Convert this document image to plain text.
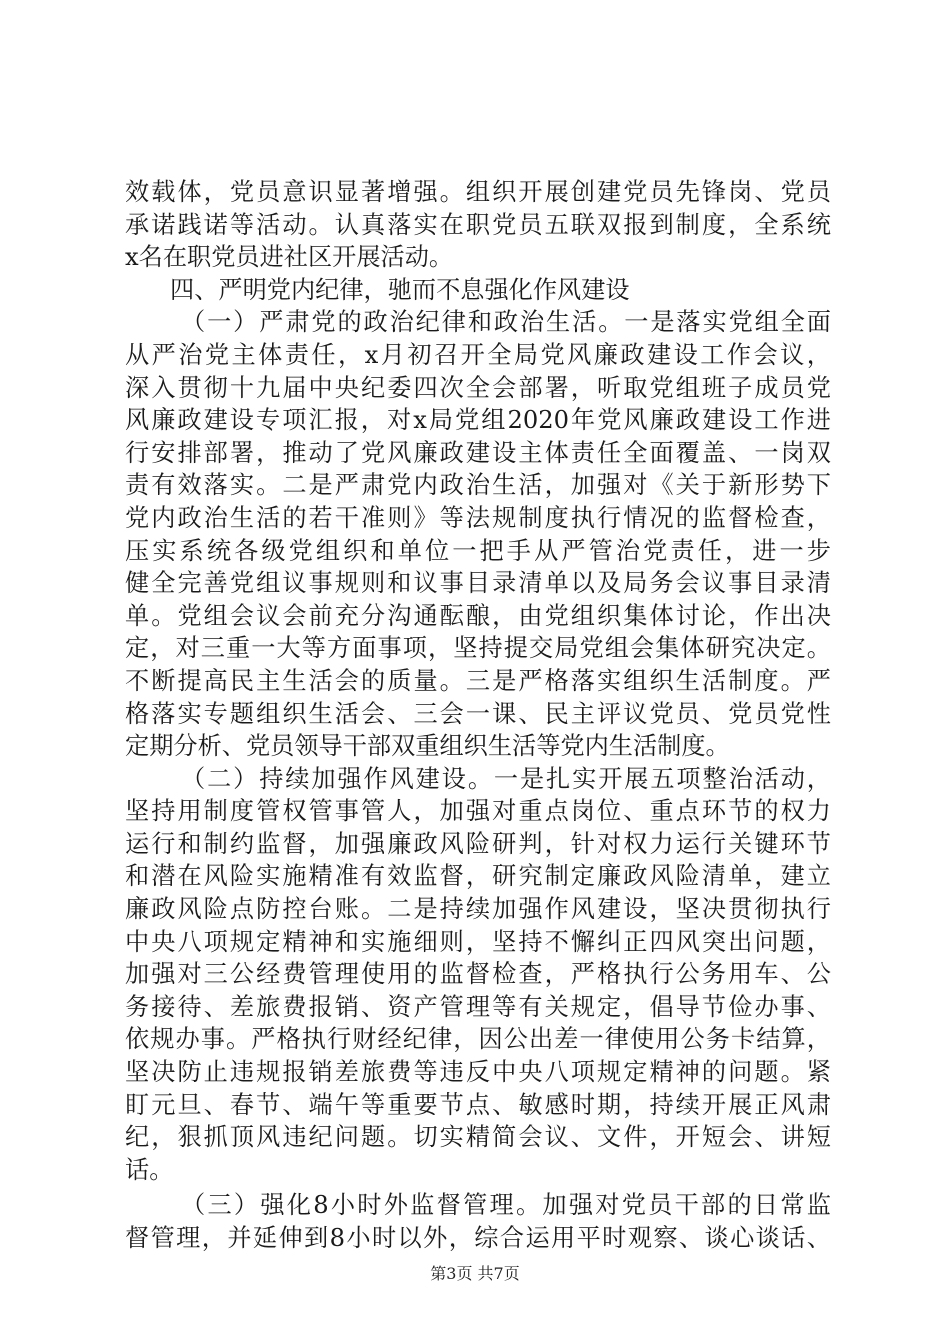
效载体，党员意识显著增强。组织开展创建党员先锋岗、党员
承诺践诺等活动。认真落实在职党员五联双报到制度，全系统
x名在职党员进社区开展活动。
四、严明党内纪律，驰而不息强化作风建设
（一）严肃党的政治纪律和政治生活。一是落实党组全面
从严治党主体责任，x月初召开全局党风廉政建设工作会议，
深入贯彻十九届中央纪委四次全会部署，听取党组班子成员党
风廉政建设专项汇报，对x局党组2020年党风廉政建设工作进
行安排部署，推动了党风廉政建设主体责任全面覆盖、一岗双
责有效落实。二是严肃党内政治生活，加强对《关于新形势下
党内政治生活的若干准则》等法规制度执行情况的监督检查，
压实系统各级党组织和单位一把手从严管治党责任，进一步
健全完善党组议事规则和议事目录清单以及局务会议事目录清
单。党组会议会前充分沟通酝酿，由党组织集体讨论，作出决
定，对三重一大等方面事项，坚持提交局党组会集体研究决定。
不断提高民主生活会的质量。三是严格落实组织生活制度。严
格落实专题组织生活会、三会一课、民主评议党员、党员党性
定期分析、党员领导干部双重组织生活等党内生活制度。
（二）持续加强作风建设。一是扎实开展五项整治活动，
坚持用制度管权管事管人，加强对重点岗位、重点环节的权力
运行和制约监督，加强廉政风险研判，针对权力运行关键环节
和潜在风险实施精准有效监督，研究制定廉政风险清单，建立
廉政风险点防控台账。二是持续加强作风建设，坚决贯彻执行
中央八项规定精神和实施细则，坚持不懈纠正四风突出问题，
加强对三公经费管理使用的监督检查，严格执行公务用车、公
务接待、差旅费报销、资产管理等有关规定，倡导节俭办事、
依规办事。严格执行财经纪律，因公出差一律使用公务卡结算，
坚决防止违规报销差旅费等违反中央八项规定精神的问题。紧
盯元旦、春节、端午等重要节点、敏感时期，持续开展正风肃
纪，狠抓顶风违纪问题。切实精简会议、文件，开短会、讲短
话。
（三）强化8小时外监督管理。加强对党员干部的日常监
督管理，并延伸到8小时以外，综合运用平时观察、谈心谈话、
第3页 共7页
